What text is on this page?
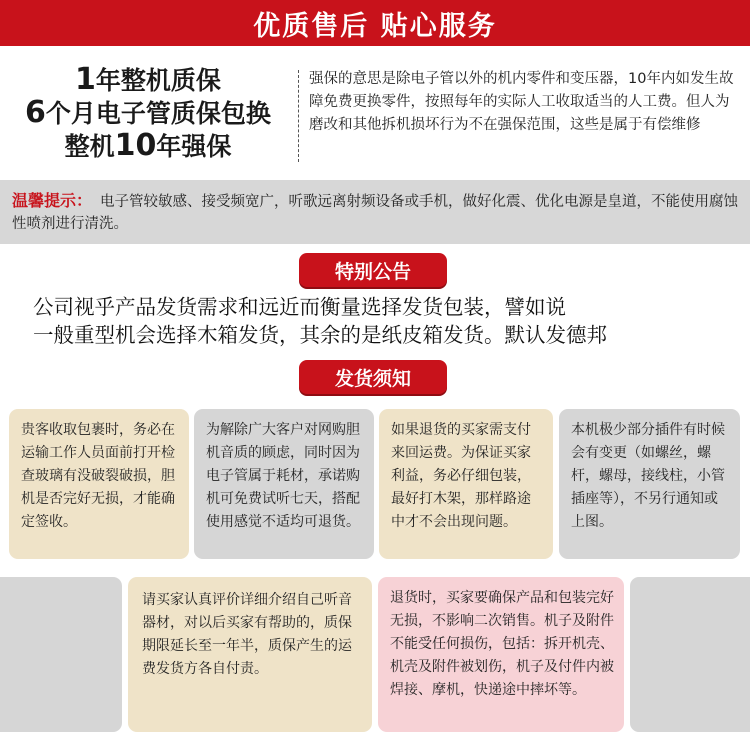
优质售后 贴心服务
1年整机质保
6个月电子管质保包换
整机10年强保
强保的意思是除电子管以外的机内零件和变压器，10年内如发生故障免费更换零件，按照每年的实际人工收取适当的人工费。但人为磨改和其他拆机损坏行为不在强保范围，这些是属于有偿维修
温馨提示： 电子管较敏感、接受频宽广，听歌远离射频设备或手机，做好化震、优化电源是皇道，不能使用腐蚀性喷剂进行清洗。
特别公告
公司视乎产品发货需求和远近而衡量选择发货包装，譬如说
一般重型机会选择木箱发货，其余的是纸皮箱发货。默认发德邦
发货须知
贵客收取包裹时，务必在运输工作人员面前打开检查玻璃有没破裂破损，胆机是否完好无损，才能确定签收。
为解除广大客户对网购胆机音质的顾虑，同时因为电子管属于耗材，承诺购机可免费试听七天，搭配使用感觉不适均可退货。
如果退货的买家需支付来回运费。为保证买家利益，务必仔细包装，最好打木架，那样路途中才不会出现问题。
本机极少部分插件有时候会有变更（如螺丝，螺杆，螺母，接线柱，小管插座等），不另行通知或上图。
请买家认真评价详细介绍自己听音器材，对以后买家有帮助的，质保期限延长至一年半，质保产生的运费发货方各自付责。
退货时，买家要确保产品和包装完好无损，不影响二次销售。机子及附件不能受任何损伤，包括：拆开机壳、机壳及附件被划伤，机子及付件内被焊接、摩机，快递途中摔坏等。
